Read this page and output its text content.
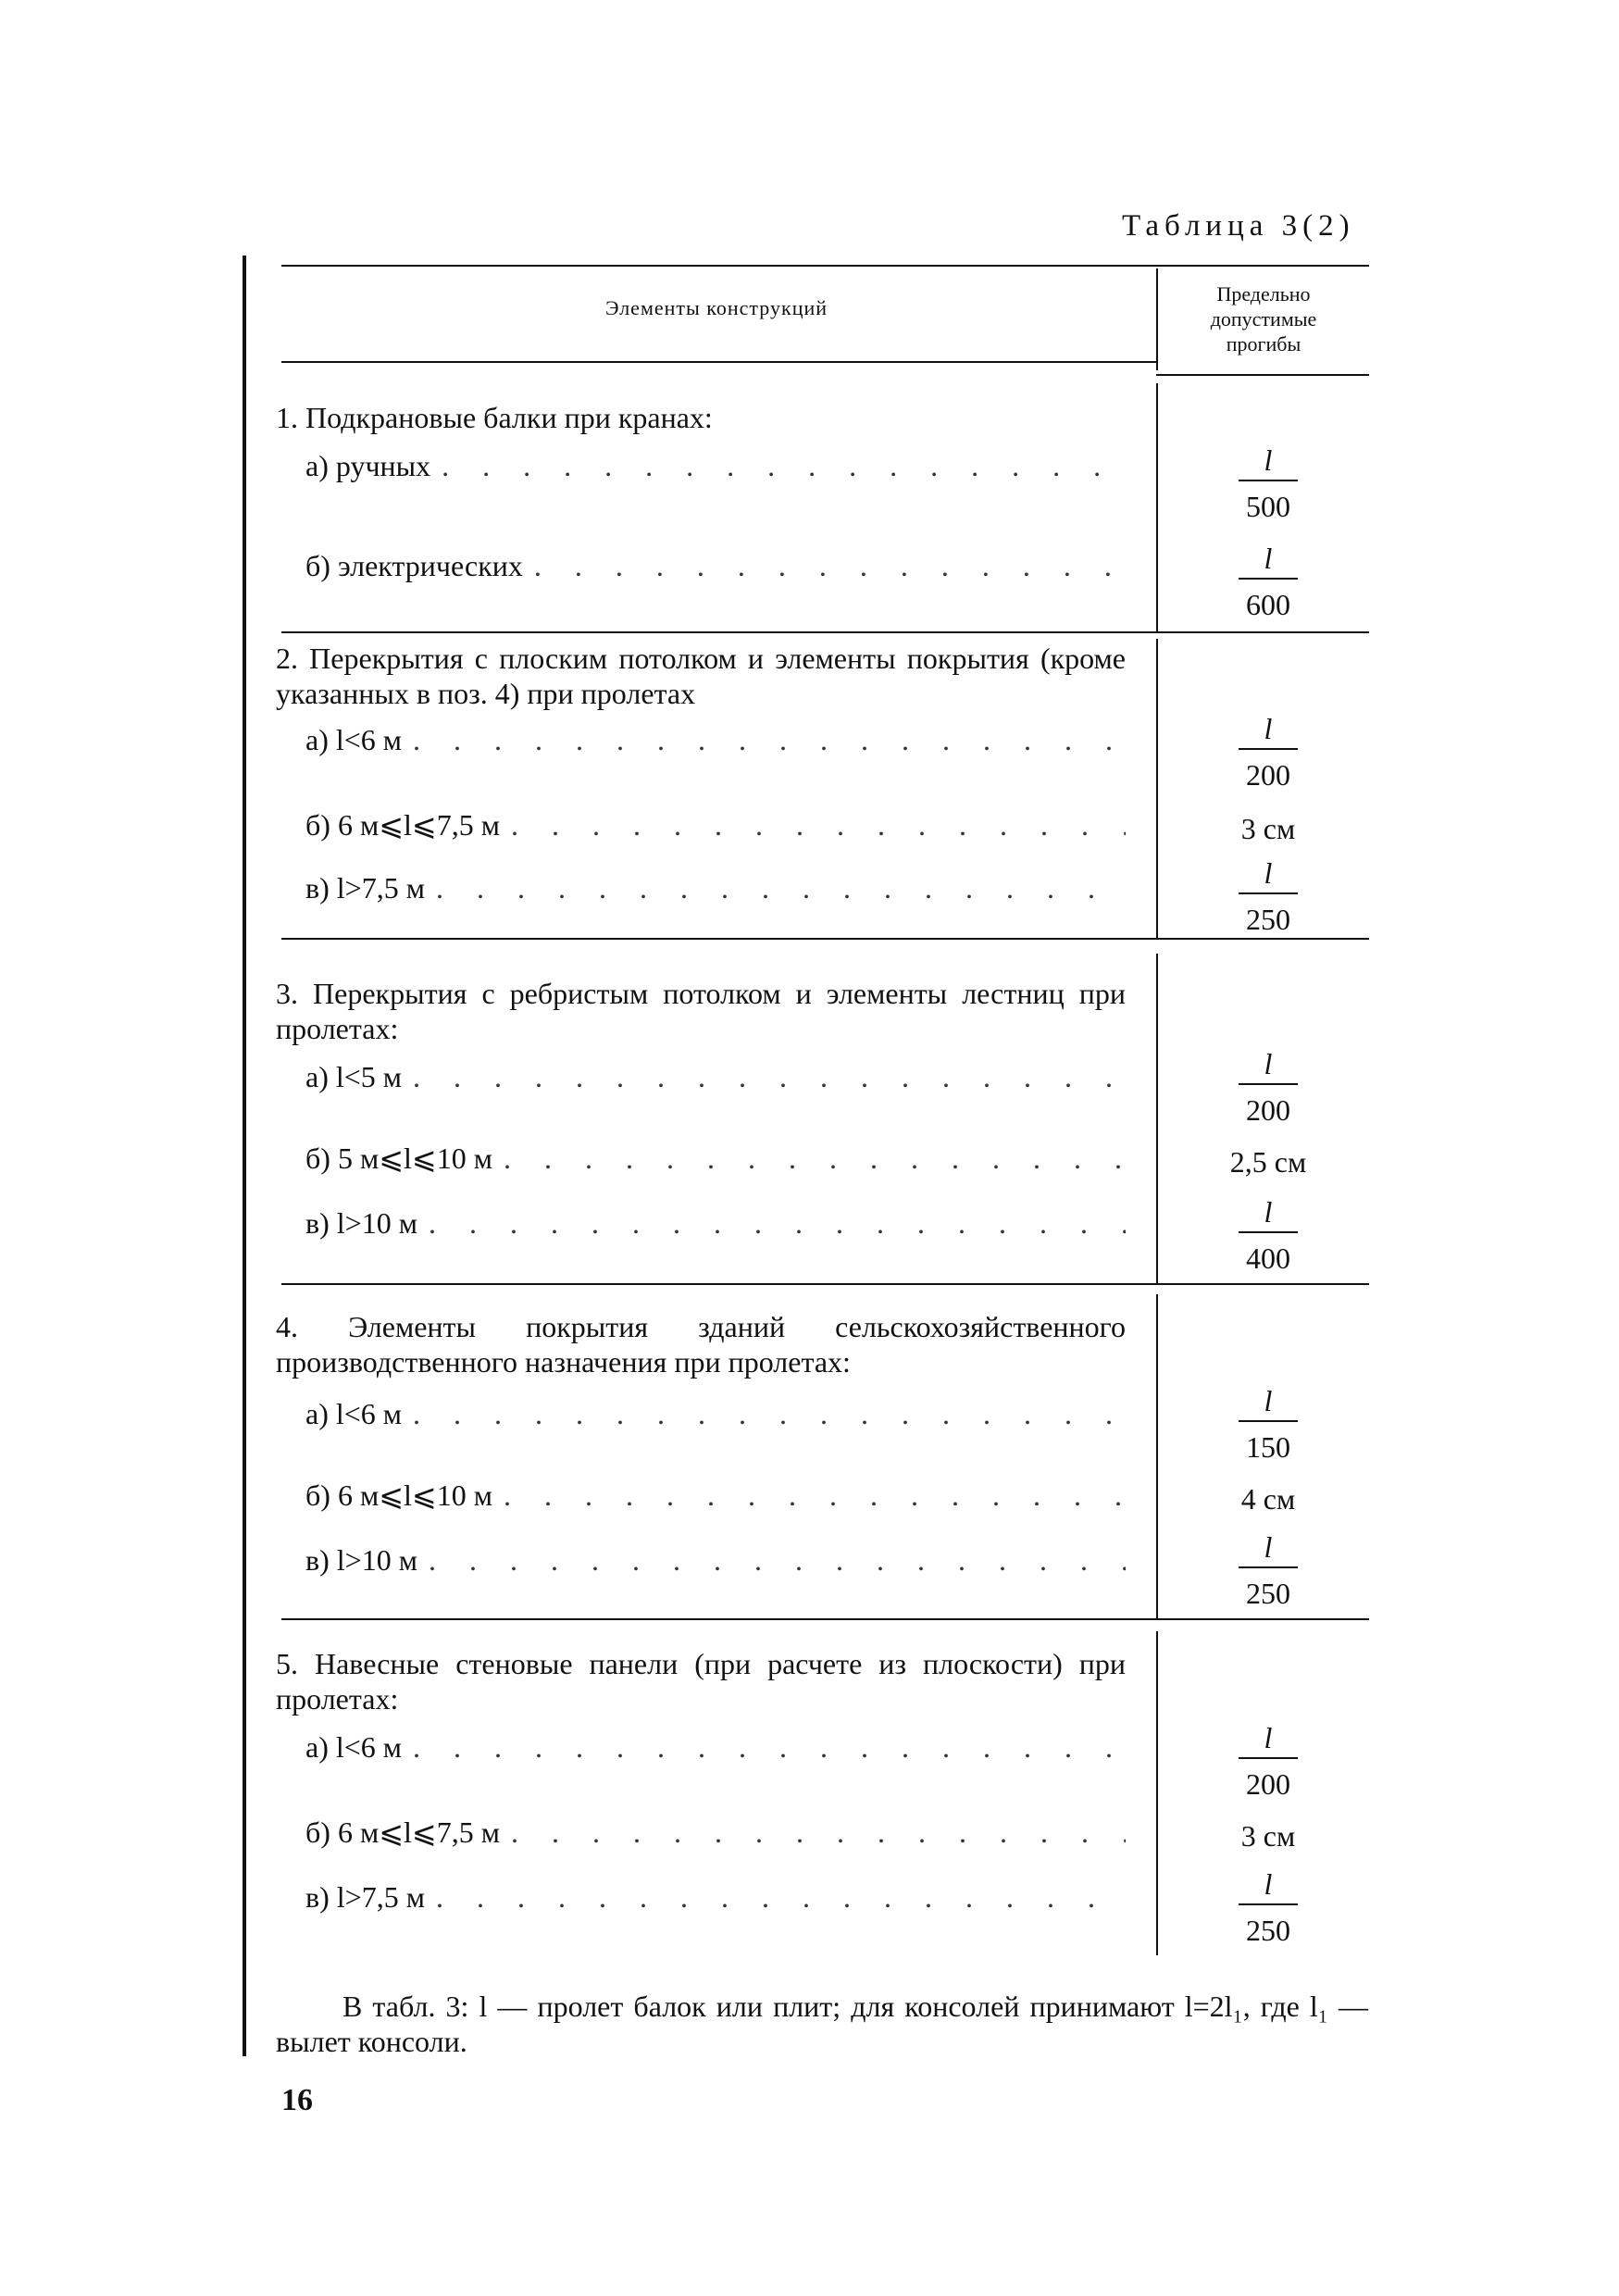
Таблица 3(2)
Элементы конструкций
Предельно
допустимые
прогибы
1. Подкрановые балки при кранах:
а) ручных . . .	l
500
б) электрических . . .	l
600
2. Перекрытия с плоским потолком и элементы покрытия (кроме указанных в поз. 4) при пролетах
а) l<6 м . . .	l
200
б) 6 м⩽l⩽7,5 м . . .	3 см
в) l>7,5 м . . .	l
250
3. Перекрытия с ребристым потолком и элементы лестниц при пролетах:
а) l<5 м . . .	l
200
б) 5 м⩽l⩽10 м . . .	2,5 см
в) l>10 м . . .	l
400
4. Элементы покрытия зданий сельскохозяйственного производственного назначения при пролетах:
а) l<6 м . . .	l
150
б) 6 м⩽l⩽10 м . . .	4 см
в) l>10 м . . .	l
250
5. Навесные стеновые панели (при расчете из плоскости) при пролетах:
а) l<6 м . . .	l
200
б) 6 м⩽l⩽7,5 м . . .	3 см
в) l>7,5 м . . .	l
250
В табл. 3: l — пролет балок или плит; для консолей принимают l=2l₁, где l₁ — вылет консоли.
16
